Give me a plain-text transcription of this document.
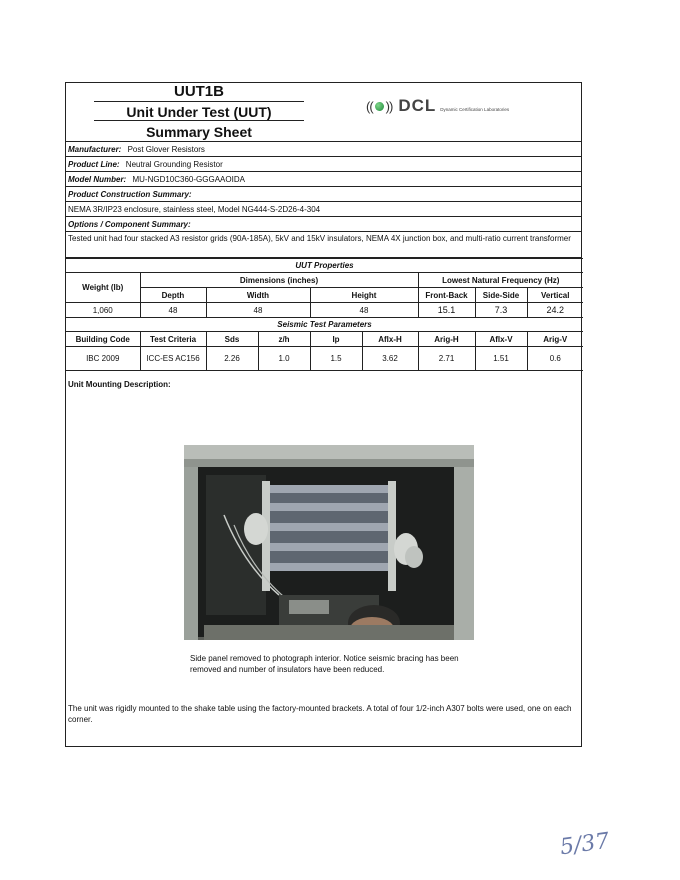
UUT1B
Unit Under Test (UUT)
Summary Sheet
(( )) DCL Dynamic Certification Laboratories
Manufacturer: Post Glover Resistors
Product Line: Neutral Grounding Resistor
Model Number: MU-NGD10C360-GGGAAOIDA
Product Construction Summary:
NEMA 3R/IP23 enclosure, stainless steel, Model NG444-S-2D26-4-304
Options / Component Summary:
Tested unit had four stacked A3 resistor grids (90A-185A), 5kV and 15kV insulators, NEMA 4X junction box, and multi-ratio current transformer
UUT Properties								
Weight (lb)	Dimensions (inches)					Lowest Natural Frequency (Hz)		
	Depth	Width		Height		Front-Back	Side-Side	Vertical
1,060	48	48		48		15.1	7.3	24.2
Seismic Test Parameters								
Building Code	Test Criteria	Sds	z/h	Ip	Aflx-H	Arig-H	Aflx-V	Arig-V
IBC 2009	ICC-ES AC156	2.26	1.0	1.5	3.62	2.71	1.51	0.6
Unit Mounting Description:
Side panel removed to photograph interior. Notice seismic bracing has been removed and number of insulators have been reduced.
The unit was rigidly mounted to the shake table using the factory-mounted brackets. A total of four 1/2-inch A307 bolts were used, one on each corner.
5/37
